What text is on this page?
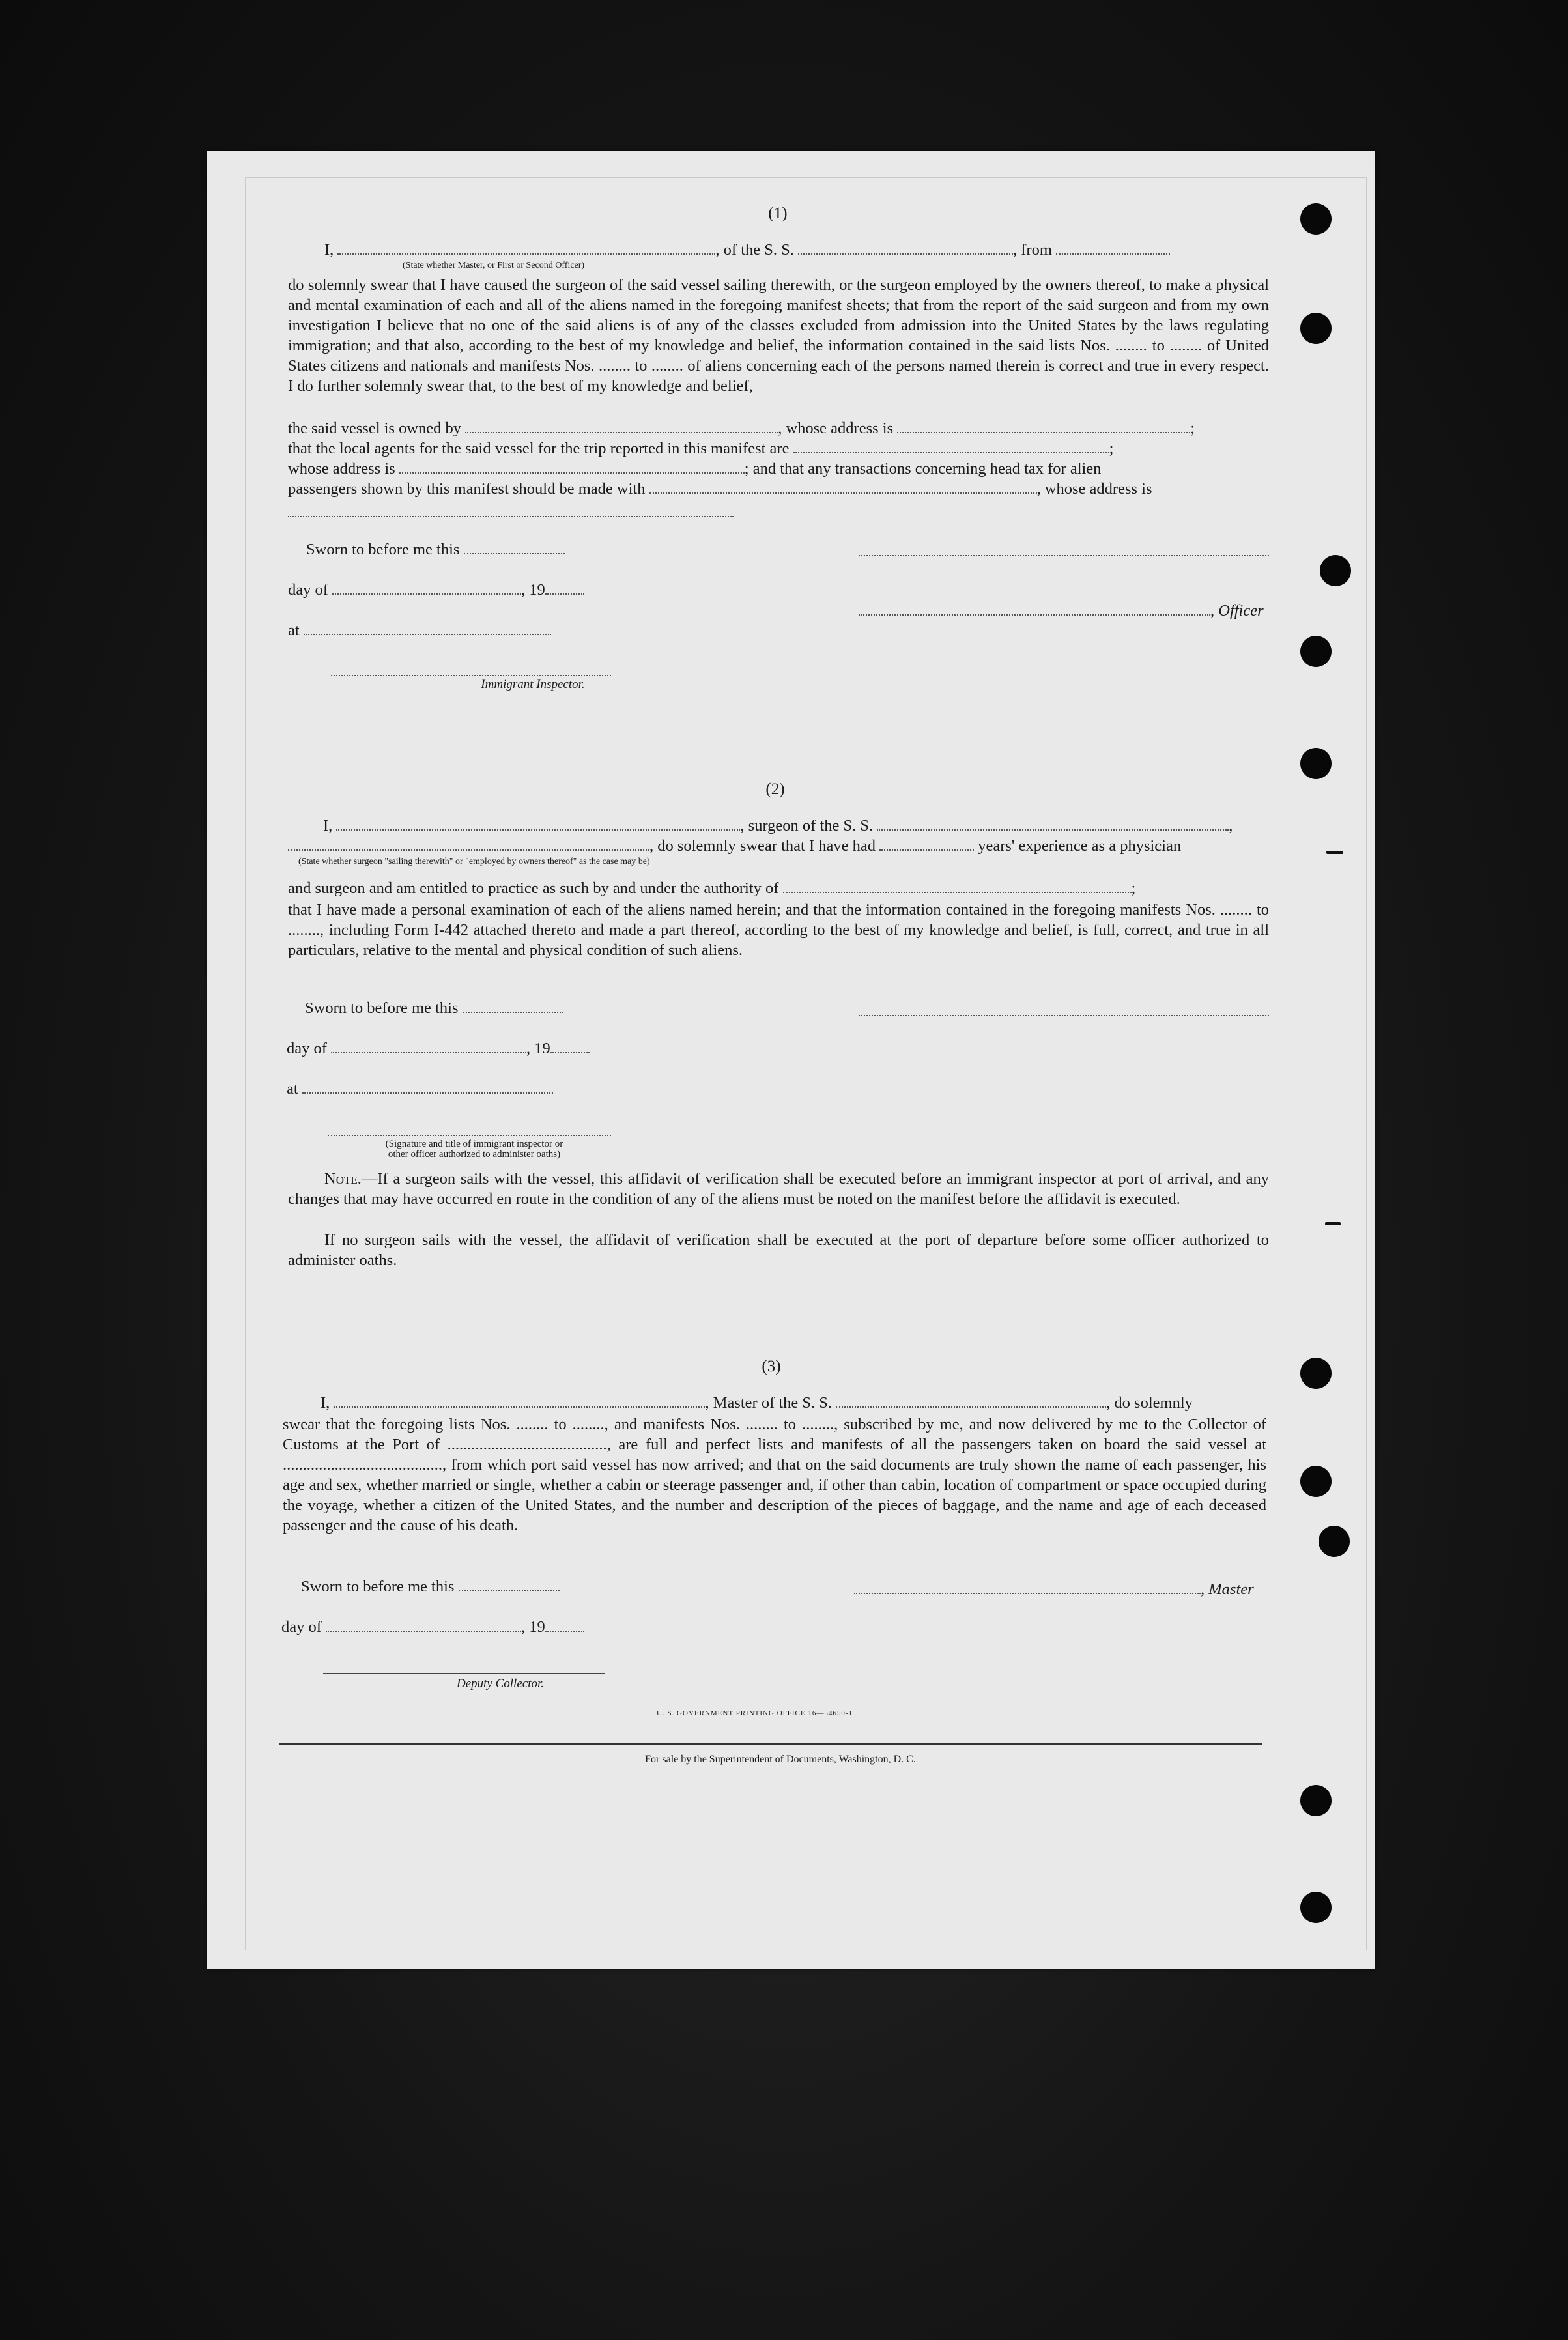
(1)
I,	, of the S. S.	, from
(State whether Master, or First or Second Officer)
do solemnly swear that I have caused the surgeon of the said vessel sailing therewith, or the surgeon employed by the owners thereof, to make a physical and mental examination of each and all of the aliens named in the foregoing manifest sheets; that from the report of the said surgeon and from my own investigation I believe that no one of the said aliens is of any of the classes excluded from admission into the United States by the laws regulating immigration; and that also, according to the best of my knowledge and belief, the information contained in the said lists Nos. ........ to ........ of United States citizens and nationals and manifests Nos. ........ to ........ of aliens concerning each of the persons named therein is correct and true in every respect. I do further solemnly swear that, to the best of my knowledge and belief,
the said vessel is owned by	, whose address is	;
that the local agents for the said vessel for the trip reported in this manifest are	;
whose address is	; and that any transactions concerning head tax for alien
passengers shown by this manifest should be made with	, whose address is
Sworn to before me this
day of	, 19
, Officer
at
Immigrant Inspector.
(2)
I,	, surgeon of the S. S.	,
, do solemnly swear that I have had	years' experience as a physician
(State whether surgeon "sailing therewith" or "employed by owners thereof" as the case may be)
and surgeon and am entitled to practice as such by and under the authority of	;
that I have made a personal examination of each of the aliens named herein; and that the information contained in the foregoing manifests Nos. ........ to ........, including Form I-442 attached thereto and made a part thereof, according to the best of my knowledge and belief, is full, correct, and true in all particulars, relative to the mental and physical condition of such aliens.
Sworn to before me this
day of	, 19
at
(Signature and title of immigrant inspector or
other officer authorized to administer oaths)
Note.—If a surgeon sails with the vessel, this affidavit of verification shall be executed before an immigrant inspector at port of arrival, and any changes that may have occurred en route in the condition of any of the aliens must be noted on the manifest before the affidavit is executed.
If no surgeon sails with the vessel, the affidavit of verification shall be executed at the port of departure before some officer authorized to administer oaths.
(3)
I,	, Master of the S. S.	, do solemnly
swear that the foregoing lists Nos. ........ to ........, and manifests Nos. ........ to ........, subscribed by me, and now delivered by me to the Collector of Customs at the Port of ........................................, are full and perfect lists and manifests of all the passengers taken on board the said vessel at ........................................, from which port said vessel has now arrived; and that on the said documents are truly shown the name of each passenger, his age and sex, whether married or single, whether a cabin or steerage passenger and, if other than cabin, location of compartment or space occupied during the voyage, whether a citizen of the United States, and the number and description of the pieces of baggage, and the name and age of each deceased passenger and the cause of his death.
Sworn to before me this	, Master
day of	, 19
Deputy Collector.
U. S. GOVERNMENT PRINTING OFFICE 16—54650-1
For sale by the Superintendent of Documents, Washington, D. C.
